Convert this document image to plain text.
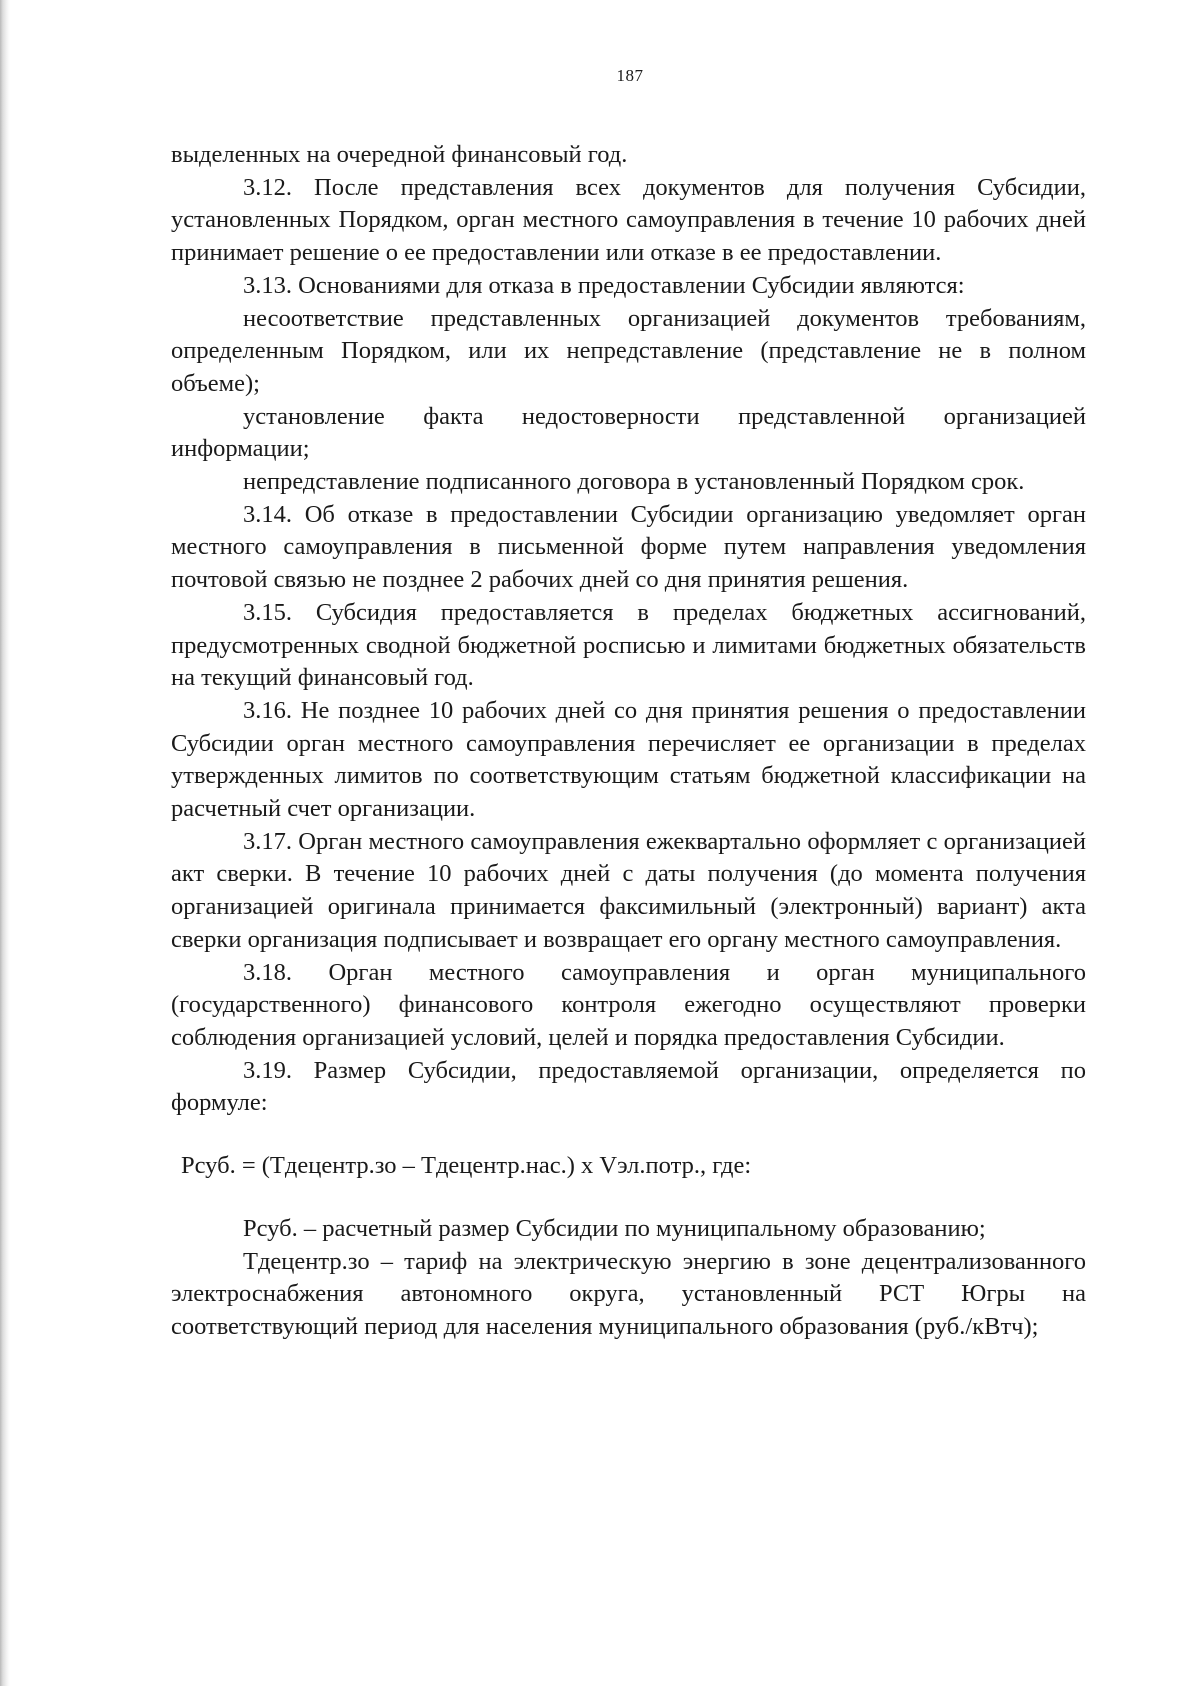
187

выделенных на очередной финансовый год.

3.12. После представления всех документов для получения Субсидии, установленных Порядком, орган местного самоуправления в течение 10 рабочих дней принимает решение о ее предоставлении или отказе в ее предоставлении.

3.13. Основаниями для отказа в предоставлении Субсидии являются:

несоответствие представленных организацией документов требованиям, определенным Порядком, или их непредставление (представление не в полном объеме);

установление факта недостоверности представленной организацией информации;

непредставление подписанного договора в установленный Порядком срок.

3.14. Об отказе в предоставлении Субсидии организацию уведомляет орган местного самоуправления в письменной форме путем направления уведомления почтовой связью не позднее 2 рабочих дней со дня принятия решения.

3.15. Субсидия предоставляется в пределах бюджетных ассигнований, предусмотренных сводной бюджетной росписью и лимитами бюджетных обязательств на текущий финансовый год.

3.16. Не позднее 10 рабочих дней со дня принятия решения о предоставлении Субсидии орган местного самоуправления перечисляет ее организации в пределах утвержденных лимитов по соответствующим статьям бюджетной классификации на расчетный счет организации.

3.17. Орган местного самоуправления ежеквартально оформляет с организацией акт сверки. В течение 10 рабочих дней с даты получения (до момента получения организацией оригинала принимается факсимильный (электронный) вариант) акта сверки организация подписывает и возвращает его органу местного самоуправления.

3.18. Орган местного самоуправления и орган муниципального (государственного) финансового контроля ежегодно осуществляют проверки соблюдения организацией условий, целей и порядка предоставления Субсидии.

3.19. Размер Субсидии, предоставляемой организации, определяется по формуле:

Рсуб. = (Тдецентр.зо – Тдецентр.нас.) х Vэл.потр., где:

Рсуб. – расчетный размер Субсидии по муниципальному образованию;

Тдецентр.зо – тариф на электрическую энергию в зоне децентрализованного электроснабжения автономного округа, установленный РСТ Югры на соответствующий период для населения муниципального образования (руб./кВтч);
